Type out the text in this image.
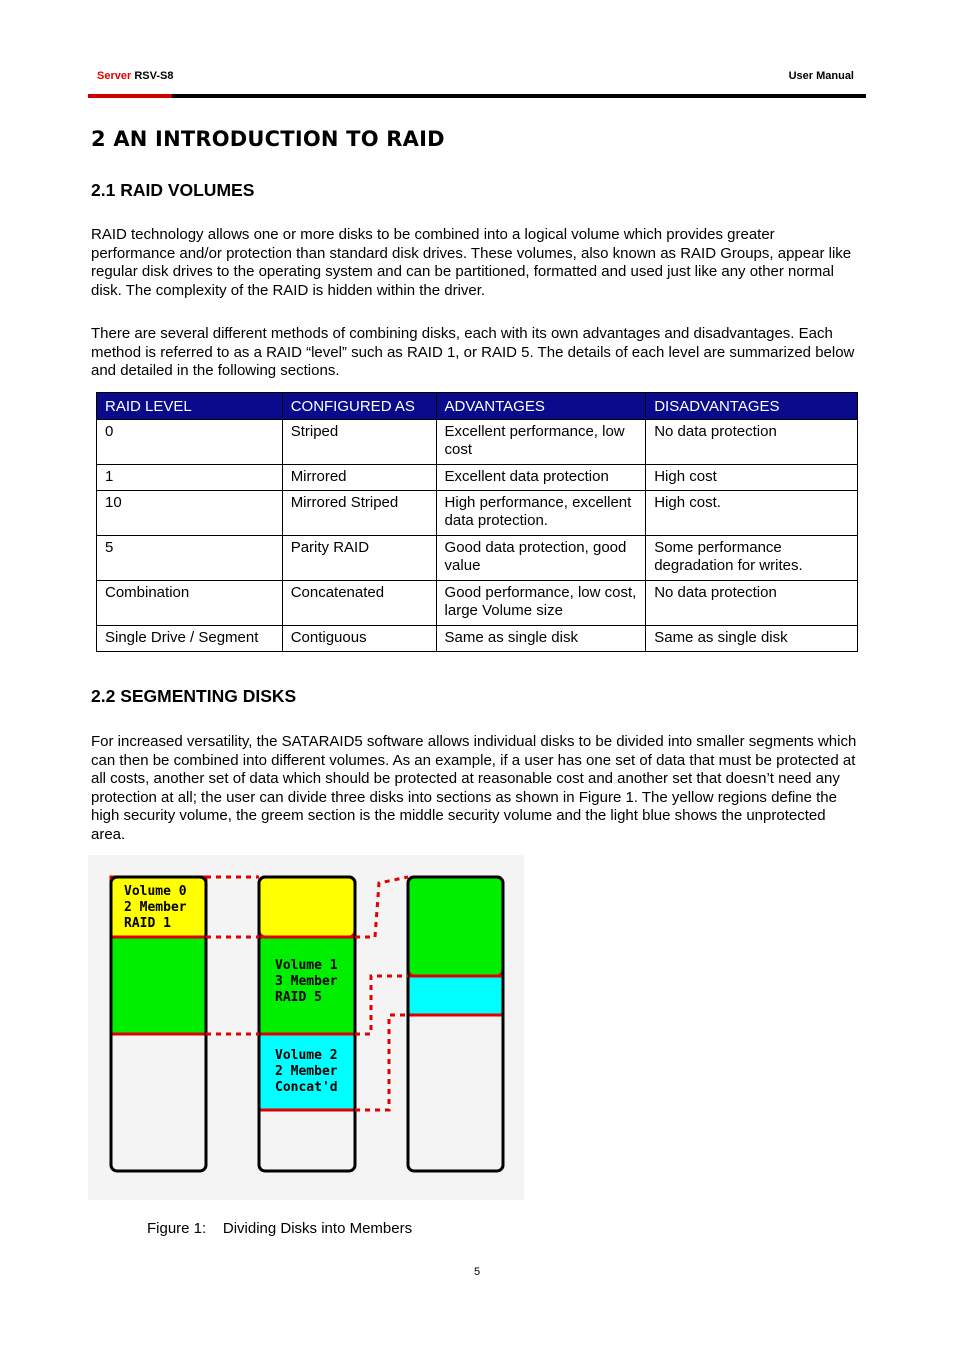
Server RSV-S8	User Manual
2 AN INTRODUCTION TO RAID
2.1 RAID VOLUMES
RAID technology allows one or more disks to be combined into a logical volume which provides greater performance and/or protection than standard disk drives. These volumes, also known as RAID Groups, appear like regular disk drives to the operating system and can be partitioned, formatted and used just like any other normal disk. The complexity of the RAID is hidden within the driver.
There are several different methods of combining disks, each with its own advantages and disadvantages. Each method is referred to as a RAID “level” such as RAID 1, or RAID 5. The details of each level are summarized below and detailed in the following sections.
RAID LEVEL	CONFIGURED AS	ADVANTAGES	DISADVANTAGES
0	Striped	Excellent performance, low cost	No data protection
1	Mirrored	Excellent data protection	High cost
10	Mirrored Striped	High performance, excellent data protection.	High cost.
5	Parity RAID	Good data protection, good value	Some performance degradation for writes.
Combination	Concatenated	Good performance, low cost, large Volume size	No data protection
Single Drive / Segment	Contiguous	Same as single disk	Same as single disk
2.2 SEGMENTING DISKS
For increased versatility, the SATARAID5 software allows individual disks to be divided into smaller segments which can then be combined into different volumes. As an example, if a user has one set of data that must be protected at all costs, another set of data which should be protected at reasonable cost and another set that doesn’t need any protection at all; the user can divide three disks into sections as shown in Figure 1. The yellow regions define the high security volume, the greem section is the middle security volume and the light blue shows the unprotected area.
Volume 0
2 Member
RAID 1
Volume 1
3 Member
RAID 5
Volume 2
2 Member
Concat'd
Figure 1:    Dividing Disks into Members
5
